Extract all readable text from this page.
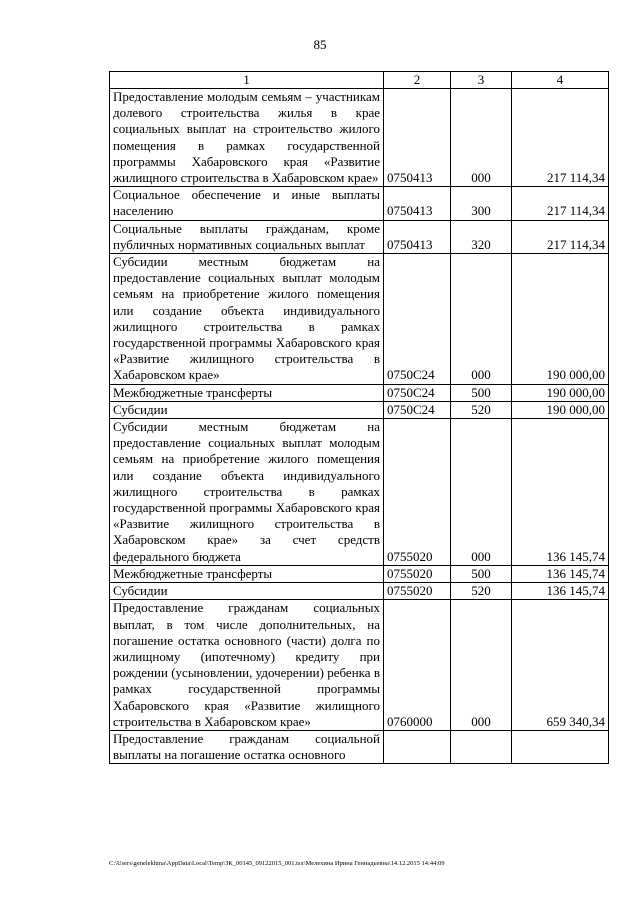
85
1	2	3	4
Предоставление молодым семьям – участникам долевого строительства жилья в крае социальных выплат на строительство жилого помещения в рамках государственной программы Хабаровского края «Развитие жилищного строительства в Хабаровском крае»	0750413	000	217 114,34
Социальное обеспечение и иные выплаты населению	0750413	300	217 114,34
Социальные выплаты гражданам, кроме публичных нормативных социальных выплат	0750413	320	217 114,34
Субсидии местным бюджетам на предоставление социальных выплат молодым семьям на приобретение жилого помещения или создание объекта индивидуального жилищного строительства в рамках государственной программы Хабаровского края «Развитие жилищного строительства в Хабаровском крае»	0750С24	000	190 000,00
Межбюджетные трансферты	0750С24	500	190 000,00
Субсидии	0750С24	520	190 000,00
Субсидии местным бюджетам на предоставление социальных выплат молодым семьям на приобретение жилого помещения или создание объекта индивидуального жилищного строительства в рамках государственной программы Хабаровского края «Развитие жилищного строительства в Хабаровском крае» за счет средств федерального бюджета	0755020	000	136 145,74
Межбюджетные трансферты	0755020	500	136 145,74
Субсидии	0755020	520	136 145,74
Предоставление гражданам социальных выплат, в том числе дополнительных, на погашение остатка основного (части) долга по жилищному (ипотечному) кредиту при рождении (усыновлении, удочерении) ребенка в рамках государственной программы Хабаровского края «Развитие жилищного строительства в Хабаровском крае»	0760000	000	659 340,34
Предоставление гражданам социальной выплаты на погашение остатка основного			
C:\Users\genelekhina\AppData\Local\Temp\ЗК_00145_09122015_001.tsx\Мелехина Ирина Геннадьевна\14.12.2015 14:44:09
